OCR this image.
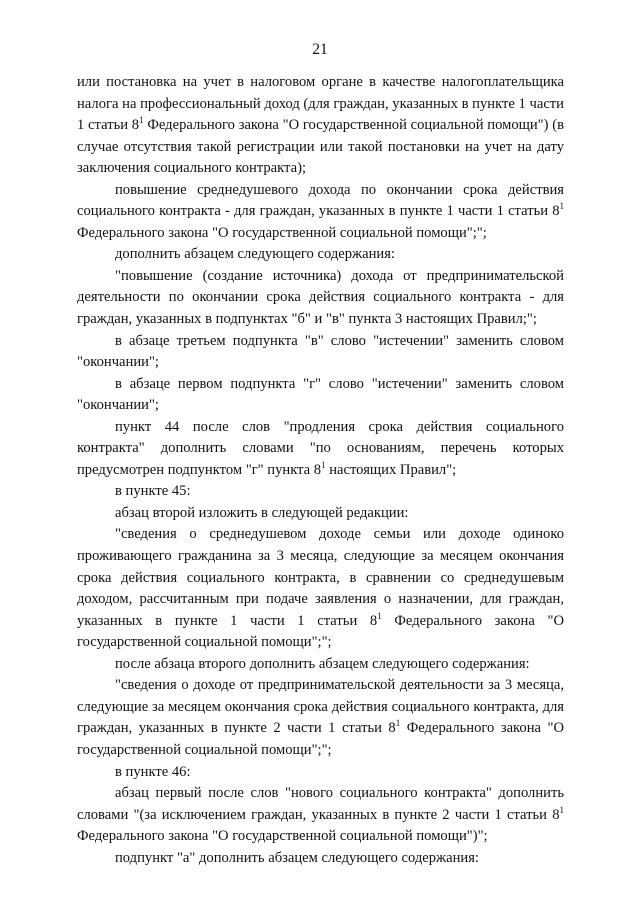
21

или постановка на учет в налоговом органе в качестве налогоплательщика налога на профессиональный доход (для граждан, указанных в пункте 1 части 1 статьи $8^1$ Федерального закона "О государственной социальной помощи") (в случае отсутствия такой регистрации или такой постановки на учет на дату заключения социального контракта);

повышение среднедушевого дохода по окончании срока действия социального контракта - для граждан, указанных в пункте 1 части 1 статьи $8^1$ Федерального закона "О государственной социальной помощи";";

дополнить абзацем следующего содержания:

"повышение (создание источника) дохода от предпринимательской деятельности по окончании срока действия социального контракта - для граждан, указанных в подпунктах "б" и "в" пункта 3 настоящих Правил;";

в абзаце третьем подпункта "в" слово "истечении" заменить словом "окончании";

в абзаце первом подпункта "г" слово "истечении" заменить словом "окончании";

пункт 44 после слов "продления срока действия социального контракта" дополнить словами "по основаниям, перечень которых предусмотрен подпунктом "г" пункта $8^1$ настоящих Правил";

в пункте 45:

абзац второй изложить в следующей редакции:

"сведения о среднедушевом доходе семьи или доходе одиноко проживающего гражданина за 3 месяца, следующие за месяцем окончания срока действия социального контракта, в сравнении со среднедушевым доходом, рассчитанным при подаче заявления о назначении, для граждан, указанных в пункте 1 части 1 статьи $8^1$ Федерального закона "О государственной социальной помощи";";

после абзаца второго дополнить абзацем следующего содержания:

"сведения о доходе от предпринимательской деятельности за 3 месяца, следующие за месяцем окончания срока действия социального контракта, для граждан, указанных в пункте 2 части 1 статьи $8^1$ Федерального закона "О государственной социальной помощи";";

в пункте 46:

абзац первый после слов "нового социального контракта" дополнить словами "(за исключением граждан, указанных в пункте 2 части 1 статьи $8^1$ Федерального закона "О государственной социальной помощи")";

подпункт "а" дополнить абзацем следующего содержания:
